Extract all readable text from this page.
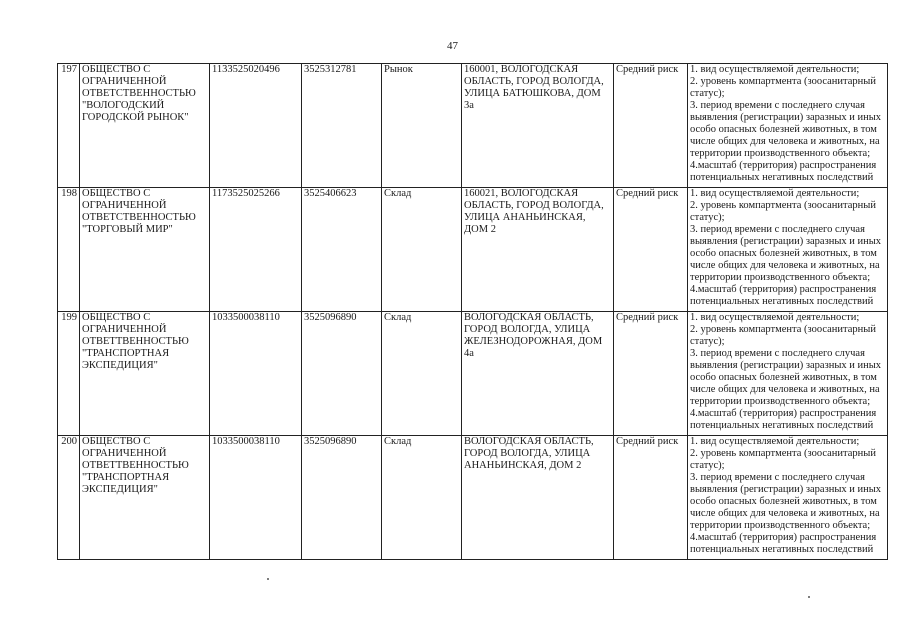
47
197	ОБЩЕСТВО С ОГРАНИЧЕННОЙ ОТВЕТСТВЕННОСТЬЮ "ВОЛОГОДСКИЙ ГОРОДСКОЙ РЫНОК"	1133525020496	3525312781	Рынок	160001, ВОЛОГОДСКАЯ ОБЛАСТЬ, ГОРОД ВОЛОГДА, УЛИЦА БАТЮШКОВА, ДОМ 3а	Средний риск	1. вид осуществляемой деятельности;
2. уровень компартмента (зоосанитарный статус);
3. период времени с последнего случая выявления (регистрации) заразных и иных особо опасных болезней животных, в том числе общих для человека и животных, на территории производственного объекта;
4.масштаб (территория) распространения потенциальных негативных последствий

198	ОБЩЕСТВО С ОГРАНИЧЕННОЙ ОТВЕТСТВЕННОСТЬЮ "ТОРГОВЫЙ МИР"	1173525025266	3525406623	Склад	160021, ВОЛОГОДСКАЯ ОБЛАСТЬ, ГОРОД ВОЛОГДА, УЛИЦА АНАНЬИНСКАЯ, ДОМ 2	Средний риск	1. вид осуществляемой деятельности;
2. уровень компартмента (зоосанитарный статус);
3. период времени с последнего случая выявления (регистрации) заразных и иных особо опасных болезней животных, в том числе общих для человека и животных, на территории производственного объекта;
4.масштаб (территория) распространения потенциальных негативных последствий

199	ОБЩЕСТВО С ОГРАНИЧЕННОЙ ОТВЕТТВЕННОСТЬЮ "ТРАНСПОРТНАЯ ЭКСПЕДИЦИЯ"	1033500038110	3525096890	Склад	ВОЛОГОДСКАЯ ОБЛАСТЬ, ГОРОД ВОЛОГДА, УЛИЦА ЖЕЛЕЗНОДОРОЖНАЯ, ДОМ 4а	Средний риск	1. вид осуществляемой деятельности;
2. уровень компартмента (зоосанитарный статус);
3. период времени с последнего случая выявления (регистрации) заразных и иных особо опасных болезней животных, в том числе общих для человека и животных, на территории производственного объекта;
4.масштаб (территория) распространения потенциальных негативных последствий

200	ОБЩЕСТВО С ОГРАНИЧЕННОЙ ОТВЕТТВЕННОСТЬЮ "ТРАНСПОРТНАЯ ЭКСПЕДИЦИЯ"	1033500038110	3525096890	Склад	ВОЛОГОДСКАЯ ОБЛАСТЬ, ГОРОД ВОЛОГДА, УЛИЦА АНАНЬИНСКАЯ, ДОМ 2	Средний риск	1. вид осуществляемой деятельности;
2. уровень компартмента (зоосанитарный статус);
3. период времени с последнего случая выявления (регистрации) заразных и иных особо опасных болезней животных, в том числе общих для человека и животных, на территории производственного объекта;
4.масштаб (территория) распространения потенциальных негативных последствий
